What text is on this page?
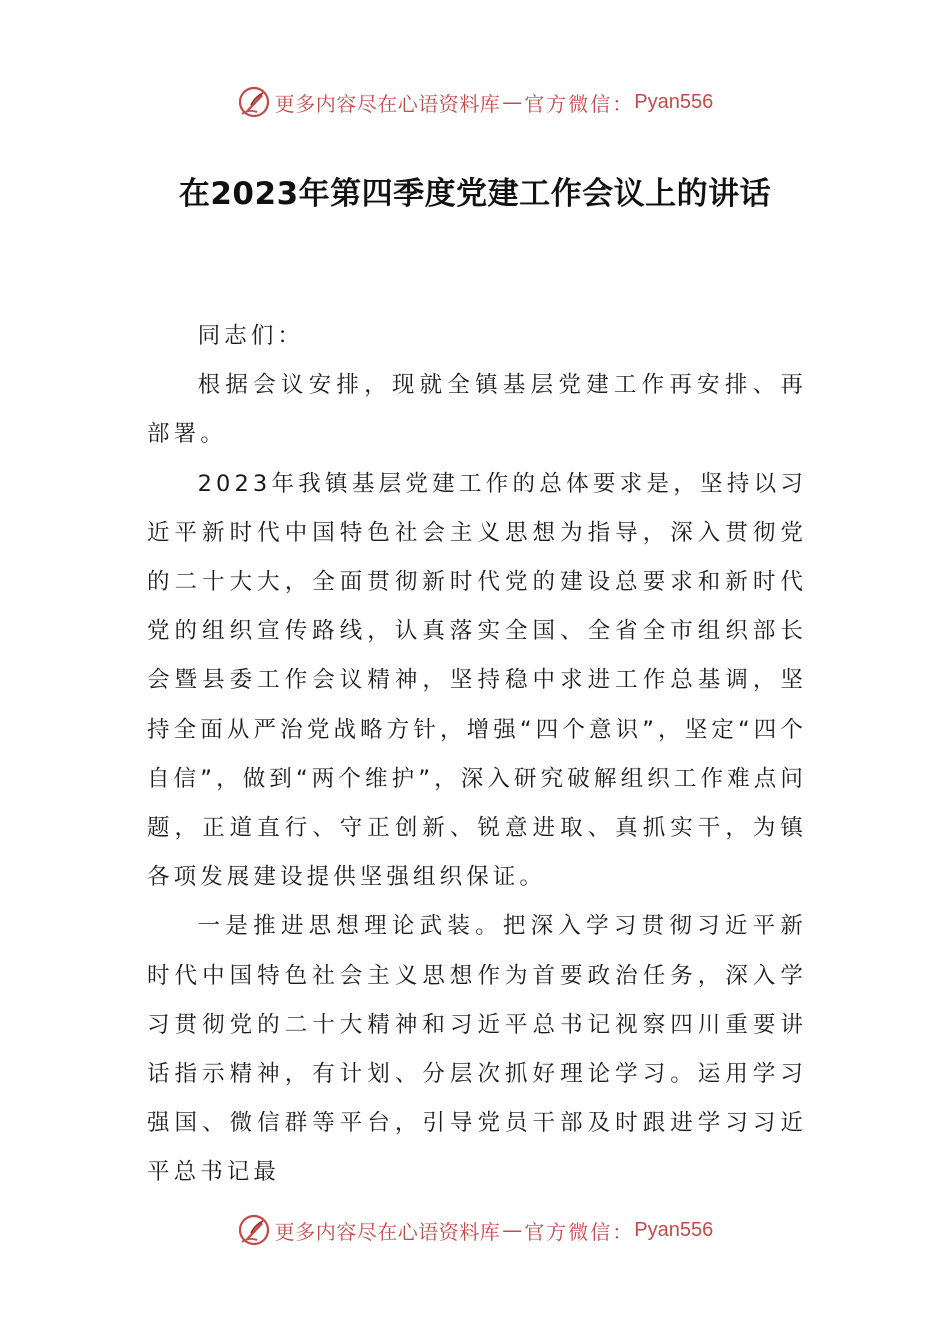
更多内容尽在心语资料库 — 官方微信： Pyan556
在2023年第四季度党建工作会议上的讲话

同志们：

根据会议安排，现就全镇基层党建工作再安排、再部署。

2023年我镇基层党建工作的总体要求是，坚持以习近平新时代中国特色社会主义思想为指导，深入贯彻党的二十大大，全面贯彻新时代党的建设总要求和新时代党的组织宣传路线，认真落实全国、全省全市组织部长会暨县委工作会议精神，坚持稳中求进工作总基调，坚持全面从严治党战略方针，增强“四个意识”，坚定“四个自信”，做到“两个维护”，深入研究破解组织工作难点问题，正道直行、守正创新、锐意进取、真抓实干，为镇各项发展建设提供坚强组织保证。

一是推进思想理论武装。把深入学习贯彻习近平新时代中国特色社会主义思想作为首要政治任务，深入学习贯彻党的二十大精神和习近平总书记视察四川重要讲话指示精神，有计划、分层次抓好理论学习。运用学习强国、微信群等平台，引导党员干部及时跟进学习习近平总书记最

更多内容尽在心语资料库 — 官方微信： Pyan556
